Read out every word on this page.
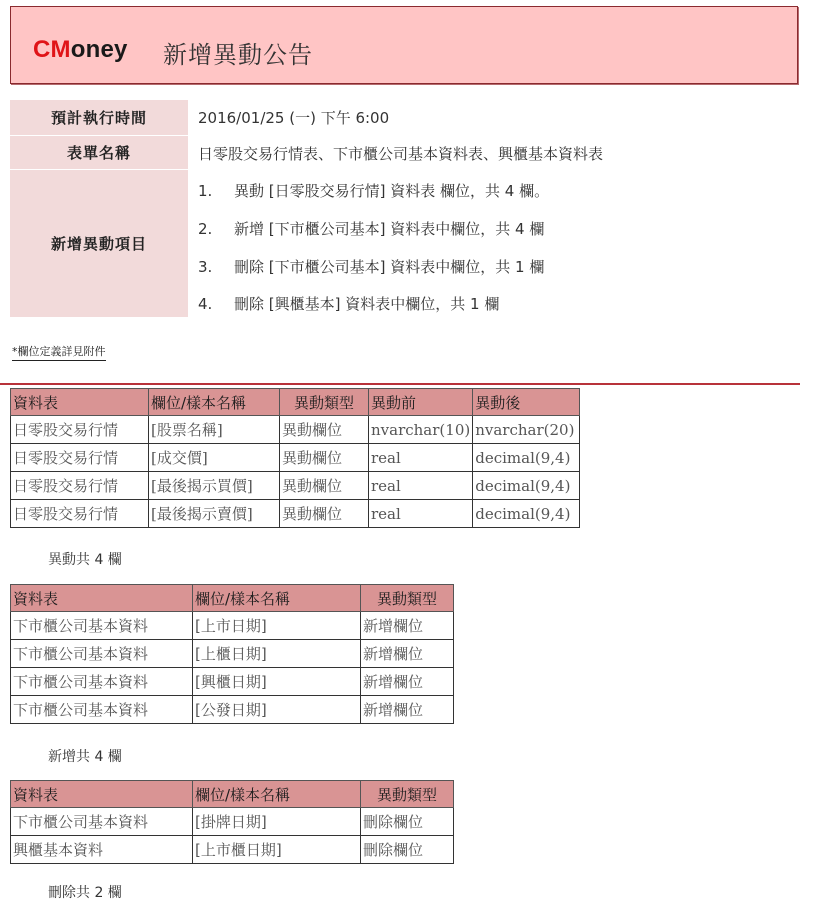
CMoney 新增異動公告
預計執行時間	2016/01/25 (一) 下午 6:00
表單名稱	日零股交易行情表、下市櫃公司基本資料表、興櫃基本資料表
新增異動項目
1. 異動 [日零股交易行情] 資料表 欄位，共 4 欄。
2. 新增 [下市櫃公司基本] 資料表中欄位，共 4 欄
3. 刪除 [下市櫃公司基本] 資料表中欄位，共 1 欄
4. 刪除 [興櫃基本] 資料表中欄位，共 1 欄
*欄位定義詳見附件
資料表	欄位/樣本名稱	異動類型	異動前	異動後
日零股交易行情	[股票名稱]	異動欄位	nvarchar(10)	nvarchar(20)
日零股交易行情	[成交價]	異動欄位	real	decimal(9,4)
日零股交易行情	[最後揭示買價]	異動欄位	real	decimal(9,4)
日零股交易行情	[最後揭示賣價]	異動欄位	real	decimal(9,4)
異動共 4 欄
資料表	欄位/樣本名稱	異動類型
下市櫃公司基本資料	[上市日期]	新增欄位
下市櫃公司基本資料	[上櫃日期]	新增欄位
下市櫃公司基本資料	[興櫃日期]	新增欄位
下市櫃公司基本資料	[公發日期]	新增欄位
新增共 4 欄
資料表	欄位/樣本名稱	異動類型
下市櫃公司基本資料	[掛牌日期]	刪除欄位
興櫃基本資料	[上市櫃日期]	刪除欄位
刪除共 2 欄
